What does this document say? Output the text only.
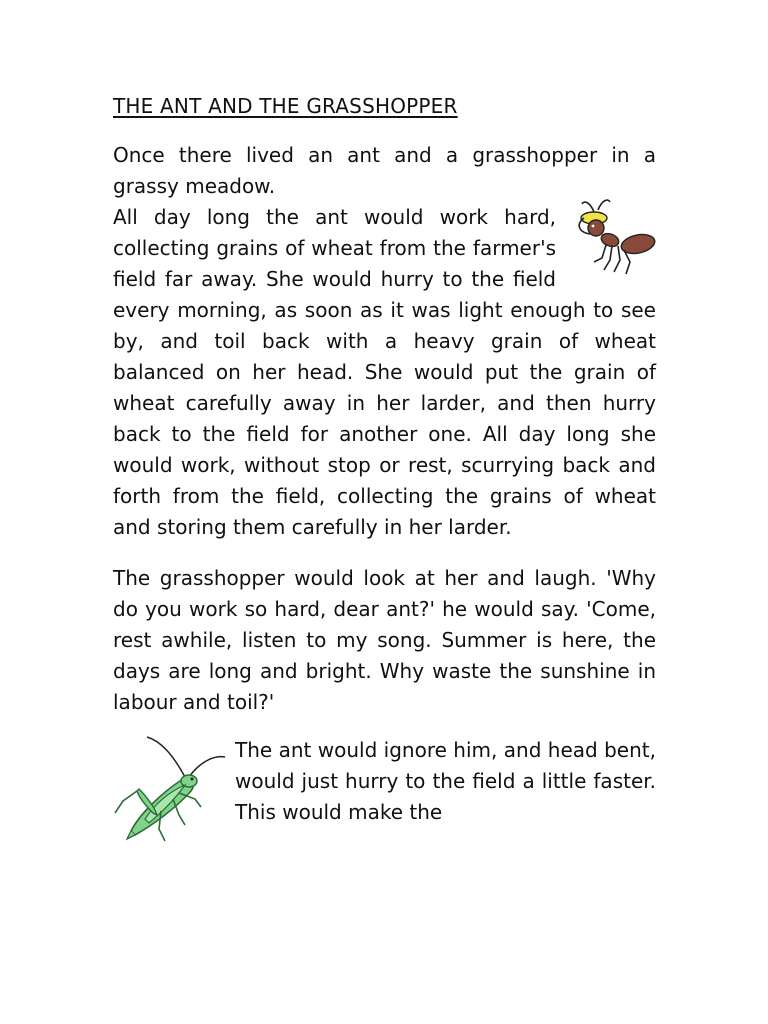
THE ANT AND THE GRASSHOPPER

Once there lived an ant and a grasshopper in a grassy meadow.

All day long the ant would work hard, collecting grains of wheat from the farmer's field far away. She would hurry to the field every morning, as soon as it was light enough to see by, and toil back with a heavy grain of wheat balanced on her head. She would put the grain of wheat carefully away in her larder, and then hurry back to the field for another one. All day long she would work, without stop or rest, scurrying back and forth from the field, collecting the grains of wheat and storing them carefully in her larder.

The grasshopper would look at her and laugh. 'Why do you work so hard, dear ant?' he would say. 'Come, rest awhile, listen to my song. Summer is here, the days are long and bright. Why waste the sunshine in labour and toil?'

The ant would ignore him, and head bent, would just hurry to the field a little faster. This would make the
